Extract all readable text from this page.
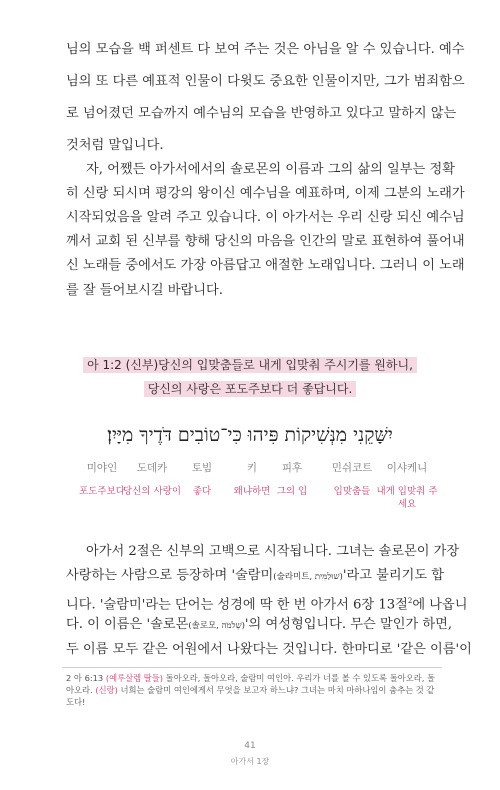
님의 모습을 백 퍼센트 다 보여 주는 것은 아님을 알 수 있습니다. 예수
님의 또 다른 예표적 인물이 다윗도 중요한 인물이지만, 그가 범죄함으
로 넘어졌던 모습까지 예수님의 모습을 반영하고 있다고 말하지 않는
것처럼 말입니다.
자, 어쨌든 아가서에서의 솔로몬의 이름과 그의 삶의 일부는 정확
히 신랑 되시며 평강의 왕이신 예수님을 예표하며, 이제 그분의 노래가
시작되었음을 알려 주고 있습니다. 이 아가서는 우리 신랑 되신 예수님
께서 교회 된 신부를 향해 당신의 마음을 인간의 말로 표현하여 풀어내
신 노래들 중에서도 가장 아름답고 애절한 노래입니다. 그러니 이 노래
를 잘 들어보시길 바랍니다.
아 1:2 (신부)당신의 입맞춤들로 내게 입맞춰 주시기를 원하니,
당신의 사랑은 포도주보다 더 좋답니다.
יִשָּׁקֵנִי מִנְּשִׁיקוֹת פִּיהוּ כִּי־טוֹבִים דֹּדֶיךָ מִיָּיִן׃
미야인
포도주보다
도데카
당신의 사랑이
토빔
좋다
키
왜냐하면
피후
그의 입
민쉬코트
입맞춤들
이샤케니
내게 입맞춰 주세요
아가서 2절은 신부의 고백으로 시작됩니다. 그녀는 솔로몬이 가장
사랑하는 사람으로 등장하며 '술람미(술라미트, שׁוּלַמִּית)'라고 불리기도 합
니다. '술람미'라는 단어는 성경에 딱 한 번 아가서 6장 13절$^2$에 나옵니
다. 이 이름은 '솔로몬(솔로모, שְׁלֹמֹה)'의 여성형입니다. 무슨 말인가 하면,
두 이름 모두 같은 어원에서 나왔다는 것입니다. 한마디로 '같은 이름'이
2 아 6:13 (예루살렘 딸들) 돌아오라, 돌아오라, 술람미 여인아. 우리가 너를 볼 수 있도록 돌아오라, 돌아오라. (신랑) 너희는 술람미 여인에게서 무엇을 보고자 하느냐? 그녀는 마치 마하나임이 춤추는 것 같도다!
41
아가서 1장
